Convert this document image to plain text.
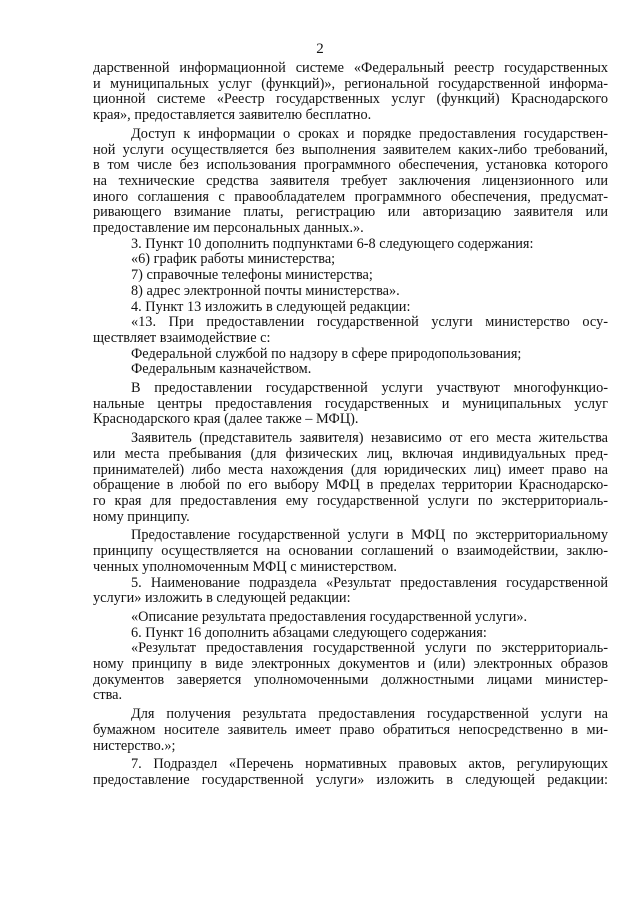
2
дарственной информационной системе «Федеральный реестр государственных
и муниципальных услуг (функций)», региональной государственной информа-
ционной системе «Реестр государственных услуг (функций) Краснодарского
края», предоставляется заявителю бесплатно.
Доступ к информации о сроках и порядке предоставления государствен-
ной услуги осуществляется без выполнения заявителем каких-либо требований,
в том числе без использования программного обеспечения, установка которого
на технические средства заявителя требует заключения лицензионного или
иного соглашения с правообладателем программного обеспечения, предусмат-
ривающего взимание платы, регистрацию или авторизацию заявителя или
предоставление им персональных данных.».
3. Пункт 10 дополнить подпунктами 6-8 следующего содержания:
«6) график работы министерства;
7) справочные телефоны министерства;
8) адрес электронной почты министерства».
4. Пункт 13 изложить в следующей редакции:
«13. При предоставлении государственной услуги министерство осу-
ществляет взаимодействие с:
Федеральной службой по надзору в сфере природопользования;
Федеральным казначейством.
В предоставлении государственной услуги участвуют многофункцио-
нальные центры предоставления государственных и муниципальных услуг
Краснодарского края (далее также – МФЦ).
Заявитель (представитель заявителя) независимо от его места жительства
или места пребывания (для физических лиц, включая индивидуальных пред-
принимателей) либо места нахождения (для юридических лиц) имеет право на
обращение в любой по его выбору МФЦ в пределах территории Краснодарско-
го края для предоставления ему государственной услуги по экстерриториаль-
ному принципу.
Предоставление государственной услуги в МФЦ по экстерриториальному
принципу осуществляется на основании соглашений о взаимодействии, заклю-
ченных уполномоченным МФЦ с министерством.
5. Наименование подраздела «Результат предоставления государственной
услуги» изложить в следующей редакции:
«Описание результата предоставления государственной услуги».
6. Пункт 16 дополнить абзацами следующего содержания:
«Результат предоставления государственной услуги по экстерриториаль-
ному принципу в виде электронных документов и (или) электронных образов
документов заверяется уполномоченными должностными лицами министер-
ства.
Для получения результата предоставления государственной услуги на
бумажном носителе заявитель имеет право обратиться непосредственно в ми-
нистерство.»;
7. Подраздел «Перечень нормативных правовых актов, регулирующих
предоставление государственной услуги» изложить в следующей редакции:
